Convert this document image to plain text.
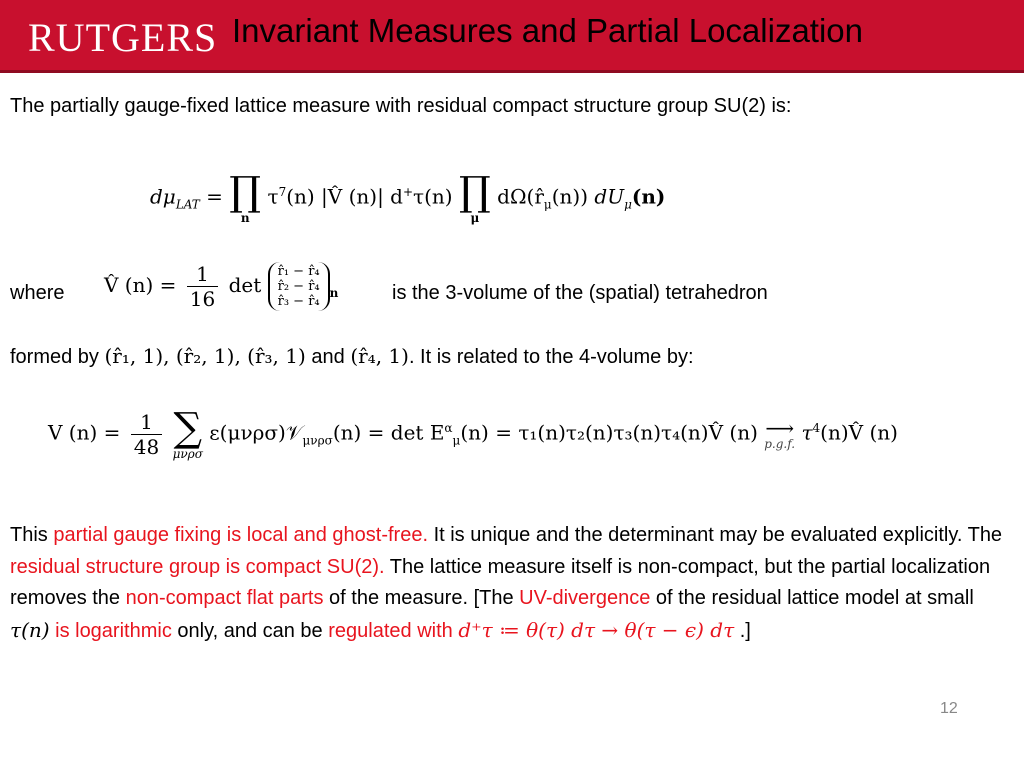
RUTGERS Invariant Measures and Partial Localization
The partially gauge-fixed lattice measure with residual compact structure group SU(2) is:
$d\mu_{LAT}$ = ∏
n
$\tau^7(n)$ |V̂ (n)| d+τ(n) ∏
μ
$d\Omega(r̂_\mu(n))$ $dU_\mu(n)$
where V̂ $(n) = \frac{1}{16}$ det
r̂₁ − r̂₄
r̂₂ − r̂₄
r̂₃ − r̂₄
$_n$	is the 3-volume of the (spatial) tetrahedron
formed by (r̂₁, 1), (r̂₂, 1), (r̂₃, 1) and (r̂₄, 1). It is related to the 4-volume by:
V $(n) = \frac{1}{48}$ ∑
μνρσ
ε(μνρσ)𝒱$_{\mu\nu\rho\sigma}$(n) = $\det E^\alpha_\mu(n)$ = τ₁(n)τ₂(n)τ₃(n)τ₄(n)V̂ (n) ⟶
p.g.f. $\tau^4(n)V̂$ (n)
This partial gauge fixing is local and ghost-free. It is unique and the determinant may be evaluated explicitly. The residual structure group is compact SU(2). The lattice measure itself is non-compact, but the partial localization removes the non-compact flat parts of the measure. [The UV-divergence of the residual lattice model at small τ(n) is logarithmic only, and can be regulated with d⁺τ ≔ θ(τ) dτ → θ(τ − ϵ) dτ .]
12
